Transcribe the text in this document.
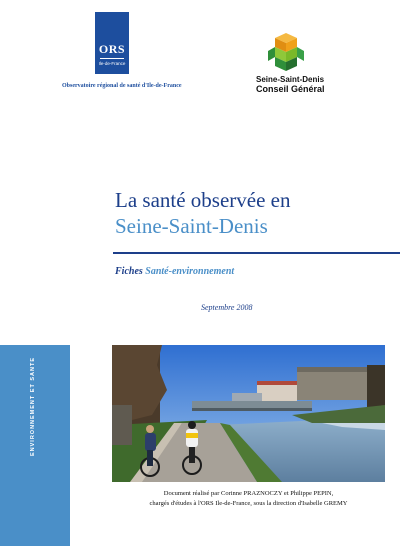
ORS
Ile-de-France
Observatoire régional de santé d'Ile-de-France
Seine-Saint-Denis
Conseil Général
La santé observée en
Seine-Saint-Denis
Fiches Santé-environnement
Septembre 2008
ENVIRONNEMENT ET SANTE
Document réalisé par Corinne PRAZNOCZY et Philippe PEPIN,
chargés d'études à l'ORS Ile-de-France, sous la direction d'Isabelle GREMY
